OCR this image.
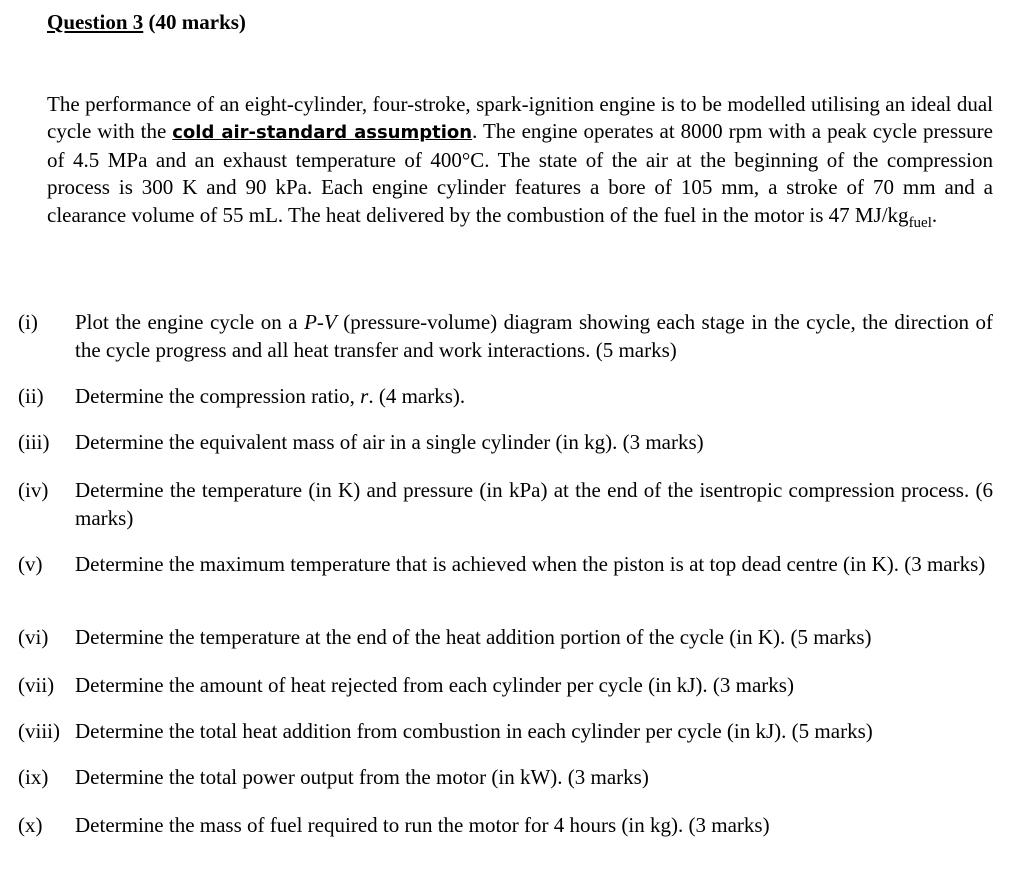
Question 3 (40 marks)
The performance of an eight-cylinder, four-stroke, spark-ignition engine is to be modelled utilising an ideal dual cycle with the cold air-standard assumption. The engine operates at 8000 rpm with a peak cycle pressure of 4.5 MPa and an exhaust temperature of 400°C. The state of the air at the beginning of the compression process is 300 K and 90 kPa. Each engine cylinder features a bore of 105 mm, a stroke of 70 mm and a clearance volume of 55 mL. The heat delivered by the combustion of the fuel in the motor is 47 $MJ/kg_{fuel}$.
(i) Plot the engine cycle on a P-V (pressure-volume) diagram showing each stage in the cycle, the direction of the cycle progress and all heat transfer and work interactions. (5 marks)
(ii) Determine the compression ratio, r. (4 marks).
(iii) Determine the equivalent mass of air in a single cylinder (in kg). (3 marks)
(iv) Determine the temperature (in K) and pressure (in kPa) at the end of the isentropic compression process. (6 marks)
(v) Determine the maximum temperature that is achieved when the piston is at top dead centre (in K). (3 marks)
(vi) Determine the temperature at the end of the heat addition portion of the cycle (in K). (5 marks)
(vii) Determine the amount of heat rejected from each cylinder per cycle (in kJ). (3 marks)
(viii) Determine the total heat addition from combustion in each cylinder per cycle (in kJ). (5 marks)
(ix) Determine the total power output from the motor (in kW). (3 marks)
(x) Determine the mass of fuel required to run the motor for 4 hours (in kg). (3 marks)
